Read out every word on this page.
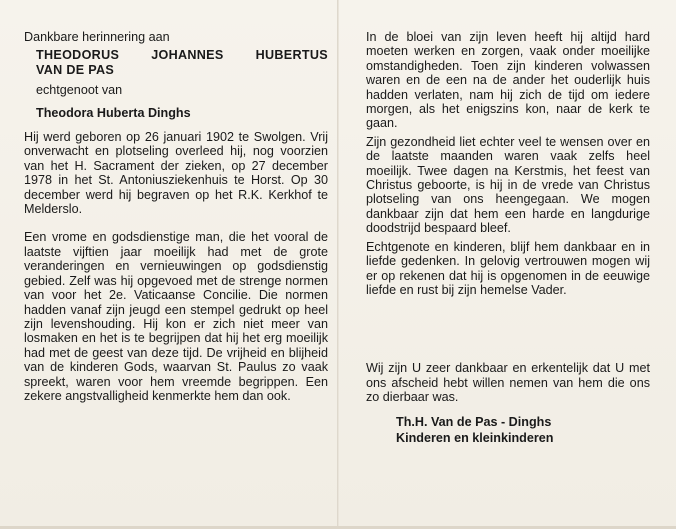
Dankbare herinnering aan
THEODORUS	JOHANNES	HUBERTUS
VAN DE PAS
echtgenoot van
Theodora Huberta Dinghs

Hij werd geboren op 26 januari 1902 te Swolgen. Vrij onverwacht en plotseling overleed hij, nog voorzien van het H. Sacrament der zieken, op 27 december 1978 in het St. Antoniusziekenhuis te Horst. Op 30 december werd hij begraven op het R.K. Kerkhof te Melderslo.

Een vrome en godsdienstige man, die het vooral de laatste vijftien jaar moeilijk had met de grote veranderingen en vernieuwingen op godsdienstig gebied. Zelf was hij opgevoed met de strenge normen van voor het 2e. Vaticaanse Concilie. Die normen hadden vanaf zijn jeugd een stempel gedrukt op heel zijn levenshouding. Hij kon er zich niet meer van losmaken en het is te begrijpen dat hij het erg moeilijk had met de geest van deze tijd. De vrijheid en blijheid van de kinderen Gods, waarvan St. Paulus zo vaak spreekt, waren voor hem vreemde begrippen. Een zekere angstvalligheid kenmerkte hem dan ook.

In de bloei van zijn leven heeft hij altijd hard moeten werken en zorgen, vaak onder moeilijke omstandigheden. Toen zijn kinderen volwassen waren en de een na de ander het ouderlijk huis hadden verlaten, nam hij zich de tijd om iedere morgen, als het enigszins kon, naar de kerk te gaan.

Zijn gezondheid liet echter veel te wensen over en de laatste maanden waren vaak zelfs heel moeilijk. Twee dagen na Kerstmis, het feest van Christus geboorte, is hij in de vrede van Christus plotseling van ons heengegaan. We mogen dankbaar zijn dat hem een harde en langdurige doodstrijd bespaard bleef.

Echtgenote en kinderen, blijf hem dankbaar en in liefde gedenken. In gelovig vertrouwen mogen wij er op rekenen dat hij is opgenomen in de eeuwige liefde en rust bij zijn hemelse Vader.

Wij zijn U zeer dankbaar en erkentelijk dat U met ons afscheid hebt willen nemen van hem die ons zo dierbaar was.

Th.H. Van de Pas - Dinghs
Kinderen en kleinkinderen
